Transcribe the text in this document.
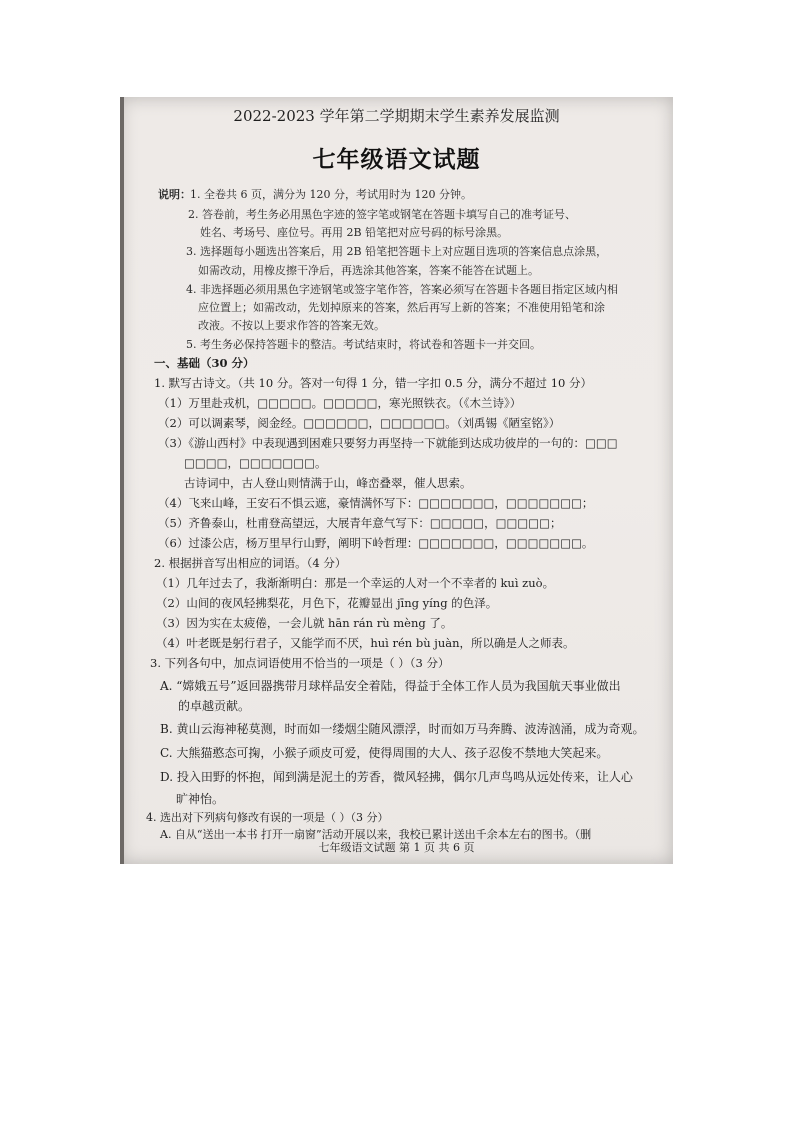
2022-2023 学年第二学期期末学生素养发展监测
七年级语文试题
说明： 1. 全卷共 6 页，满分为 120 分，考试用时为 120 分钟。
2. 答卷前，考生务必用黑色字迹的签字笔或钢笔在答题卡填写自己的准考证号、
姓名、考场号、座位号。再用 2B 铅笔把对应号码的标号涂黑。
3. 选择题每小题选出答案后，用 2B 铅笔把答题卡上对应题目选项的答案信息点涂黑，
如需改动，用橡皮擦干净后，再选涂其他答案，答案不能答在试题上。
4. 非选择题必须用黑色字迹钢笔或签字笔作答，答案必须写在答题卡各题目指定区域内相
应位置上；如需改动，先划掉原来的答案，然后再写上新的答案；不准使用铅笔和涂
改液。不按以上要求作答的答案无效。
5. 考生务必保持答题卡的整洁。考试结束时，将试卷和答题卡一并交回。
一、基础（30 分）
1. 默写古诗文。（共 10 分。答对一句得 1 分，错一字扣 0.5 分，满分不超过 10 分）
（1）万里赴戎机，□□□□□。□□□□□，寒光照铁衣。（《木兰诗》）
（2）可以调素琴，阅金经。□□□□□□，□□□□□□。（刘禹锡《陋室铭》）
（3）《游山西村》中表现遇到困难只要努力再坚持一下就能到达成功彼岸的一句的：□□□
□□□□，□□□□□□□。
古诗词中，古人登山则情满于山，峰峦叠翠，催人思索。
（4）飞来山峰，王安石不惧云遮，豪情满怀写下：□□□□□□□，□□□□□□□；
（5）齐鲁泰山，杜甫登高望远，大展青年意气写下：□□□□□，□□□□□；
（6）过漆公店，杨万里早行山野，阐明下岭哲理：□□□□□□□，□□□□□□□。
2. 根据拼音写出相应的词语。（4 分）
（1）几年过去了，我渐渐明白：那是一个幸运的人对一个不幸者的 kuì zuò。
（2）山间的夜风轻拂梨花，月色下，花瓣显出 jīng yíng 的色泽。
（3）因为实在太疲倦，一会儿就 hān rán rù mèng 了。
（4）叶老既是躬行君子，又能学而不厌，huì rén bù juàn，所以确是人之师表。
3. 下列各句中，加点词语使用不恰当的一项是（ ）（3 分）
A. “嫦娥五号”返回器携带月球样品安全着陆，得益于全体工作人员为我国航天事业做出
的卓越贡献。
B. 黄山云海神秘莫测，时而如一缕烟尘随风漂浮，时而如万马奔腾、波涛汹涌，成为奇观。
C. 大熊猫憨态可掬，小猴子顽皮可爱，使得周围的大人、孩子忍俊不禁地大笑起来。
D. 投入田野的怀抱，闻到满是泥土的芳香，微风轻拂，偶尔几声鸟鸣从远处传来，让人心
旷神怡。
4. 选出对下列病句修改有误的一项是（ ）（3 分）
A. 自从“送出一本书 打开一扇窗”活动开展以来，我校已累计送出千余本左右的图书。（删
七年级语文试题 第 1 页 共 6 页
